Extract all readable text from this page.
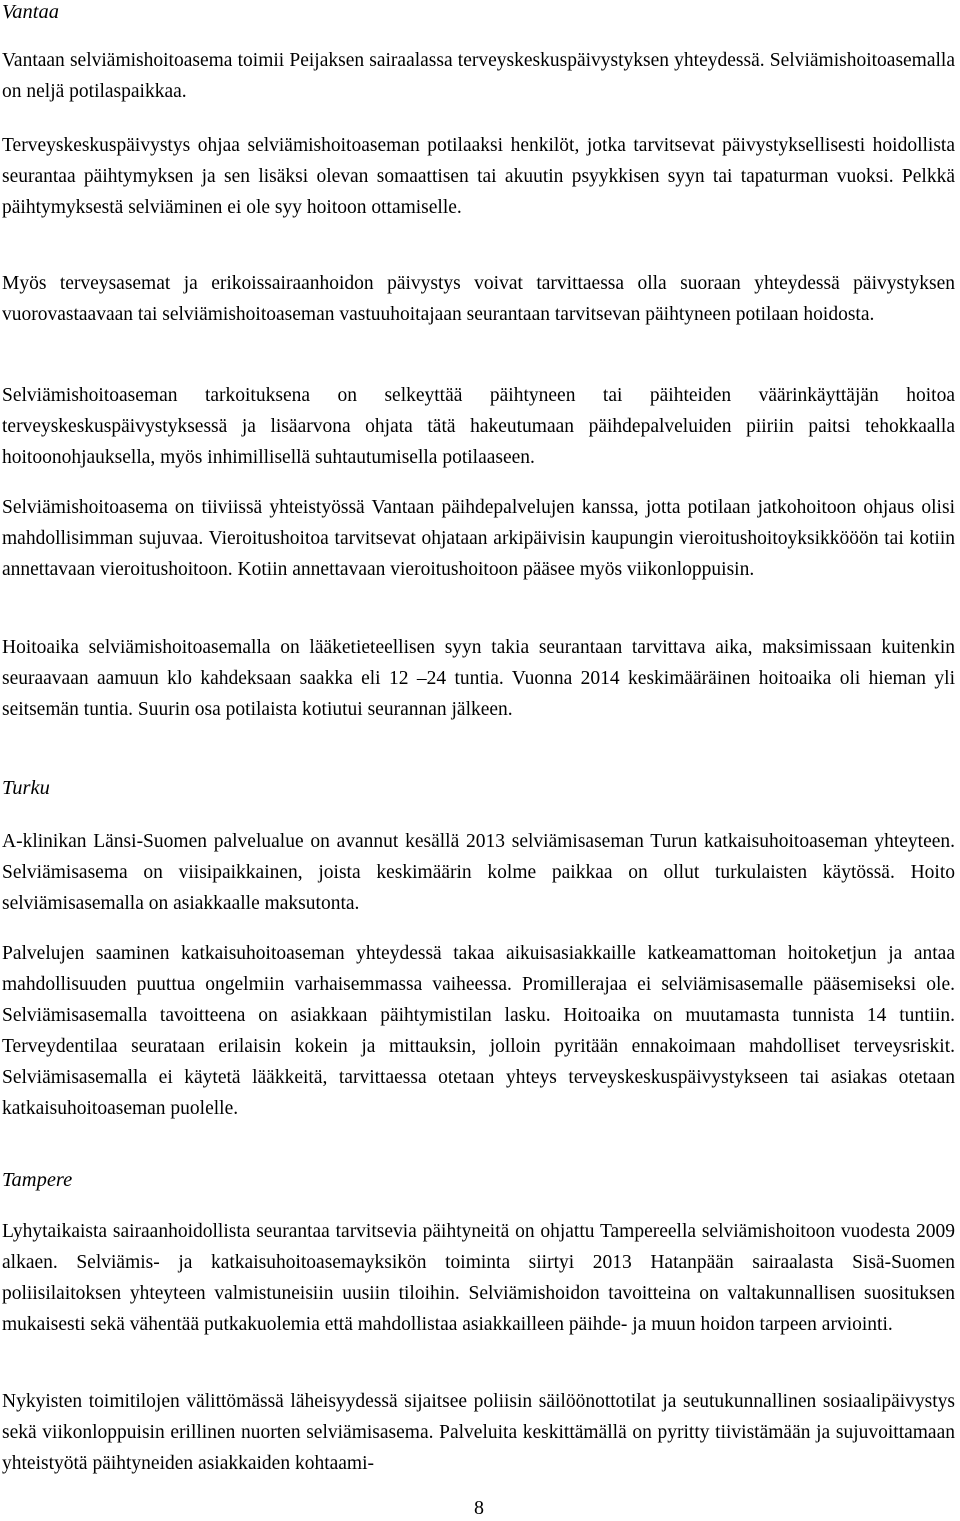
Vantaa

Vantaan selviämishoitoasema toimii Peijaksen sairaalassa terveyskeskuspäivystyksen yhteydessä. Selviämishoitoasemalla on neljä potilaspaikkaa.

Terveyskeskuspäivystys ohjaa selviämishoitoaseman potilaaksi henkilöt, jotka tarvitsevat päivystyksellisesti hoidollista seurantaa päihtymyksen ja sen lisäksi olevan somaattisen tai akuutin psyykkisen syyn tai tapaturman vuoksi. Pelkkä päihtymyksestä selviäminen ei ole syy hoitoon ottamiselle.

Myös terveysasemat ja erikoissairaanhoidon päivystys voivat tarvittaessa olla suoraan yhteydessä päivystyksen vuorovastaavaan tai selviämishoitoaseman vastuuhoitajaan seurantaan tarvitsevan päihtyneen potilaan hoidosta.

Selviämishoitoaseman tarkoituksena on selkeyttää päihtyneen tai päihteiden väärinkäyttäjän hoitoa terveyskeskuspäivystyksessä ja lisäarvona ohjata tätä hakeutumaan päihdepalveluiden piiriin paitsi tehokkaalla hoitoonohjauksella, myös inhimillisellä suhtautumisella potilaaseen.

Selviämishoitoasema on tiiviissä yhteistyössä Vantaan päihdepalvelujen kanssa, jotta potilaan jatkohoitoon ohjaus olisi mahdollisimman sujuvaa. Vieroitushoitoa tarvitsevat ohjataan arkipäivisin kaupungin vieroitushoitoyksikkööön tai kotiin annettavaan vieroitushoitoon. Kotiin annettavaan vieroitushoitoon pääsee myös viikonloppuisin.

Hoitoaika selviämishoitoasemalla on lääketieteellisen syyn takia seurantaan tarvittava aika, maksimissaan kuitenkin seuraavaan aamuun klo kahdeksaan saakka eli 12 –24 tuntia. Vuonna 2014 keskimääräinen hoitoaika oli hieman yli seitsemän tuntia. Suurin osa potilaista kotiutui seurannan jälkeen.

Turku

A-klinikan Länsi-Suomen palvelualue on avannut kesällä 2013 selviämisaseman Turun katkaisuhoitoaseman yhteyteen. Selviämisasema on viisipaikkainen, joista keskimäärin kolme paikkaa on ollut turkulaisten käytössä. Hoito selviämisasemalla on asiakkaalle maksutonta.

Palvelujen saaminen katkaisuhoitoaseman yhteydessä takaa aikuisasiakkaille katkeamattoman hoitoketjun ja antaa mahdollisuuden puuttua ongelmiin varhaisemmassa vaiheessa. Promillerajaa ei selviämisasemalle pääsemiseksi ole. Selviämisasemalla tavoitteena on asiakkaan päihtymistilan lasku. Hoitoaika on muutamasta tunnista 14 tuntiin. Terveydentilaa seurataan erilaisin kokein ja mittauksin, jolloin pyritään ennakoimaan mahdolliset terveysriskit. Selviämisasemalla ei käytetä lääkkeitä, tarvittaessa otetaan yhteys terveyskeskuspäivystykseen tai asiakas otetaan katkaisuhoitoaseman puolelle.

Tampere

Lyhytaikaista sairaanhoidollista seurantaa tarvitsevia päihtyneitä on ohjattu Tampereella selviämishoitoon vuodesta 2009 alkaen. Selviämis- ja katkaisuhoitoasemayksikön toiminta siirtyi 2013 Hatanpään sairaalasta Sisä-Suomen poliisilaitoksen yhteyteen valmistuneisiin uusiin tiloihin. Selviämishoidon tavoitteina on valtakunnallisen suosituksen mukaisesti sekä vähentää putkakuolemia että mahdollistaa asiakkailleen päihde- ja muun hoidon tarpeen arviointi.

Nykyisten toimitilojen välittömässä läheisyydessä sijaitsee poliisin säilöönottotilat ja seutukunnallinen sosiaalipäivystys sekä viikonloppuisin erillinen nuorten selviämisasema. Palveluita keskittämällä on pyritty tiivistämään ja sujuvoittamaan yhteistyötä päihtyneiden asiakkaiden kohtaami-

8
